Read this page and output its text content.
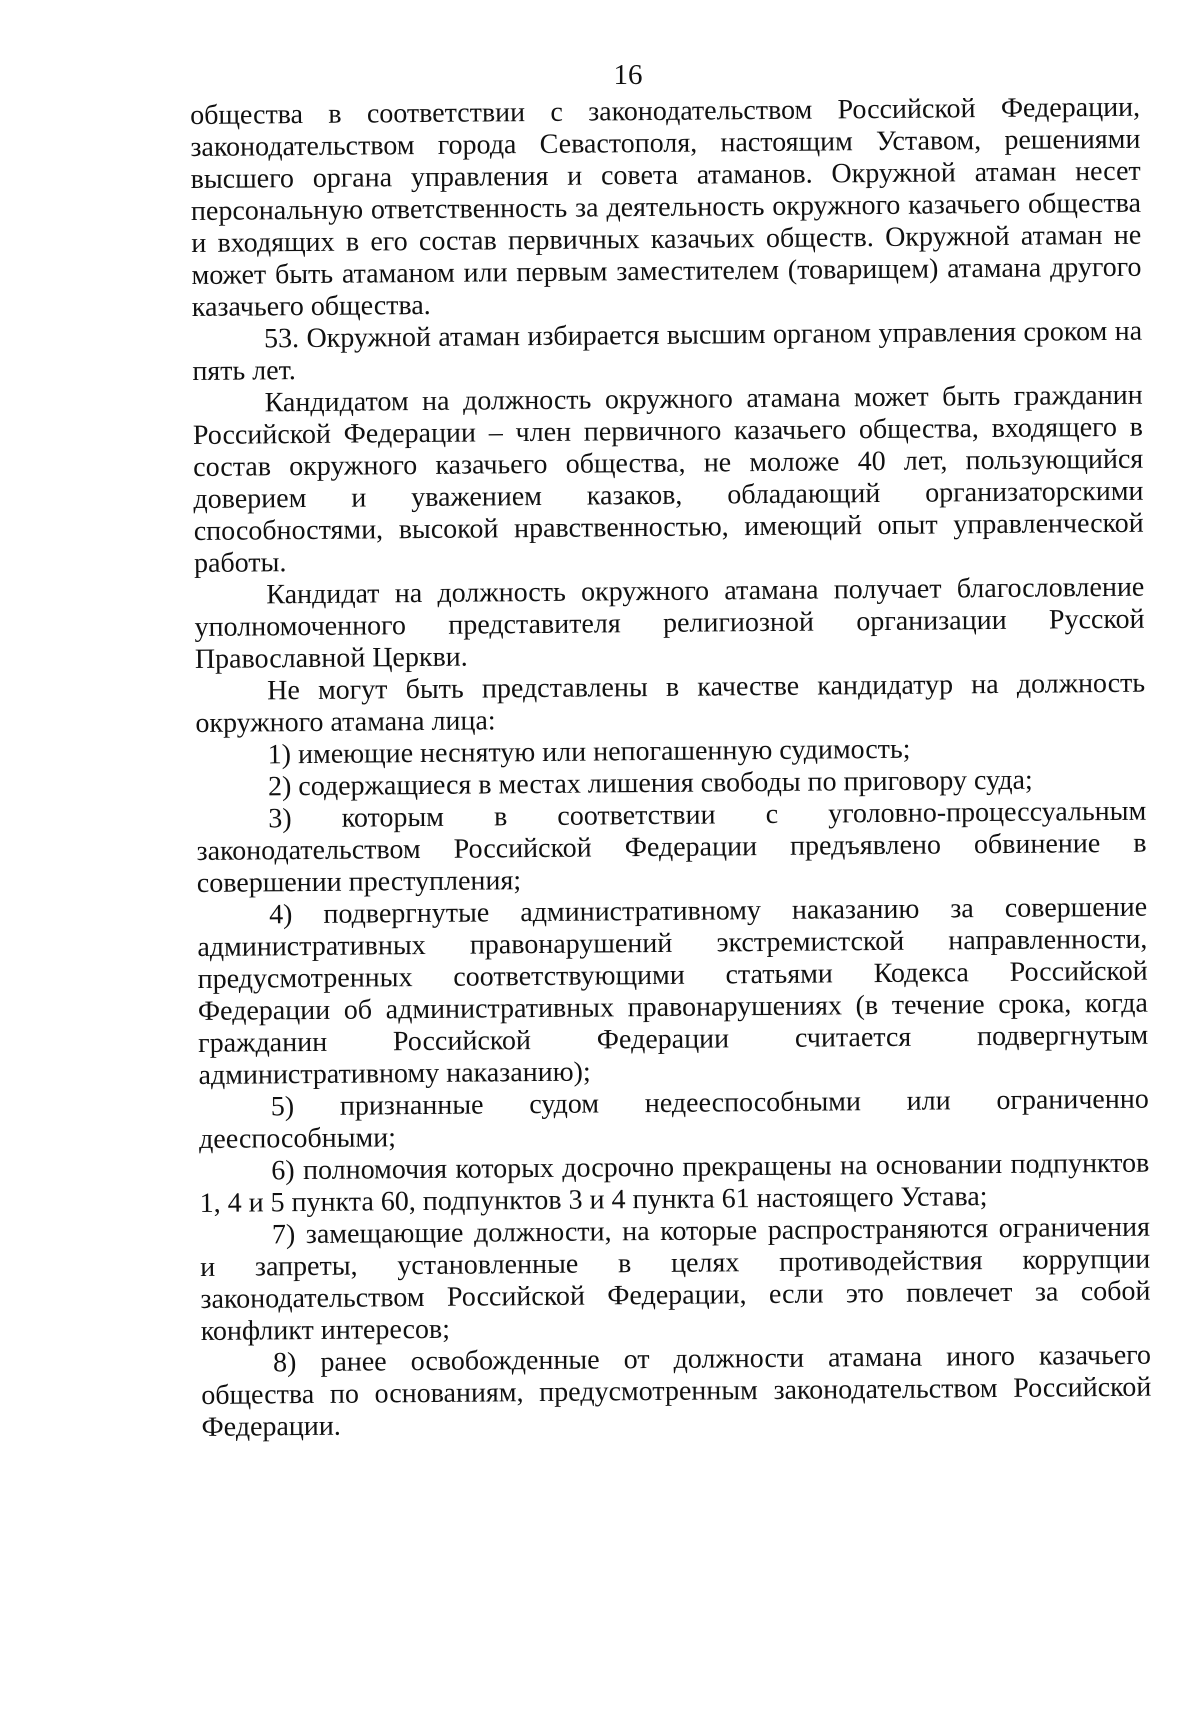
16

общества в соответствии с законодательством Российской Федерации, законодательством города Севастополя, настоящим Уставом, решениями высшего органа управления и совета атаманов. Окружной атаман несет персональную ответственность за деятельность окружного казачьего общества и входящих в его состав первичных казачьих обществ. Окружной атаман не может быть атаманом или первым заместителем (товарищем) атамана другого казачьего общества.

53. Окружной атаман избирается высшим органом управления сроком на пять лет.

Кандидатом на должность окружного атамана может быть гражданин Российской Федерации – член первичного казачьего общества, входящего в состав окружного казачьего общества, не моложе 40 лет, пользующийся доверием и уважением казаков, обладающий организаторскими способностями, высокой нравственностью, имеющий опыт управленческой работы.

Кандидат на должность окружного атамана получает благословление уполномоченного представителя религиозной организации Русской Православной Церкви.

Не могут быть представлены в качестве кандидатур на должность окружного атамана лица:

1) имеющие неснятую или непогашенную судимость;

2) содержащиеся в местах лишения свободы по приговору суда;

3) которым в соответствии с уголовно-процессуальным законодательством Российской Федерации предъявлено обвинение в совершении преступления;

4) подвергнутые административному наказанию за совершение административных правонарушений экстремистской направленности, предусмотренных соответствующими статьями Кодекса Российской Федерации об административных правонарушениях (в течение срока, когда гражданин Российской Федерации считается подвергнутым административному наказанию);

5) признанные судом недееспособными или ограниченно дееспособными;

6) полномочия которых досрочно прекращены на основании подпунктов 1, 4 и 5 пункта 60, подпунктов 3 и 4 пункта 61 настоящего Устава;

7) замещающие должности, на которые распространяются ограничения и запреты, установленные в целях противодействия коррупции законодательством Российской Федерации, если это повлечет за собой конфликт интересов;

8) ранее освобожденные от должности атамана иного казачьего общества по основаниям, предусмотренным законодательством Российской Федерации.
